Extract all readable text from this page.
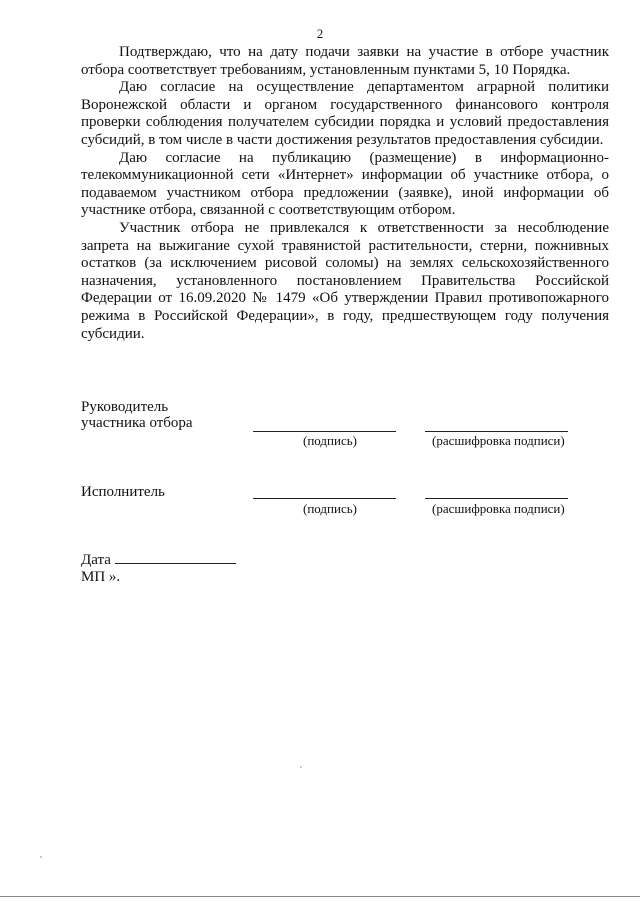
2

Подтверждаю, что на дату подачи заявки на участие в отборе участник отбора соответствует требованиям, установленным пунктами 5, 10 Порядка.

Даю согласие на осуществление департаментом аграрной политики Воронежской области и органом государственного финансового контроля проверки соблюдения получателем субсидии порядка и условий предоставления субсидий, в том числе в части достижения результатов предоставления субсидии.

Даю согласие на публикацию (размещение) в информационно-телекоммуникационной сети «Интернет» информации об участнике отбора, о подаваемом участником отбора предложении (заявке), иной информации об участнике отбора, связанной с соответствующим отбором.

Участник отбора не привлекался к ответственности за несоблюдение запрета на выжигание сухой травянистой растительности, стерни, пожнивных остатков (за исключением рисовой соломы) на землях сельскохозяйственного назначения, установленного постановлением Правительства Российской Федерации от 16.09.2020 № 1479 «Об утверждении Правил противопожарного режима в Российской Федерации», в году, предшествующем году получения субсидии.

Руководитель
участника отбора
(подпись)	(расшифровка подписи)
Исполнитель
(подпись)	(расшифровка подписи)
Дата
МП ».
